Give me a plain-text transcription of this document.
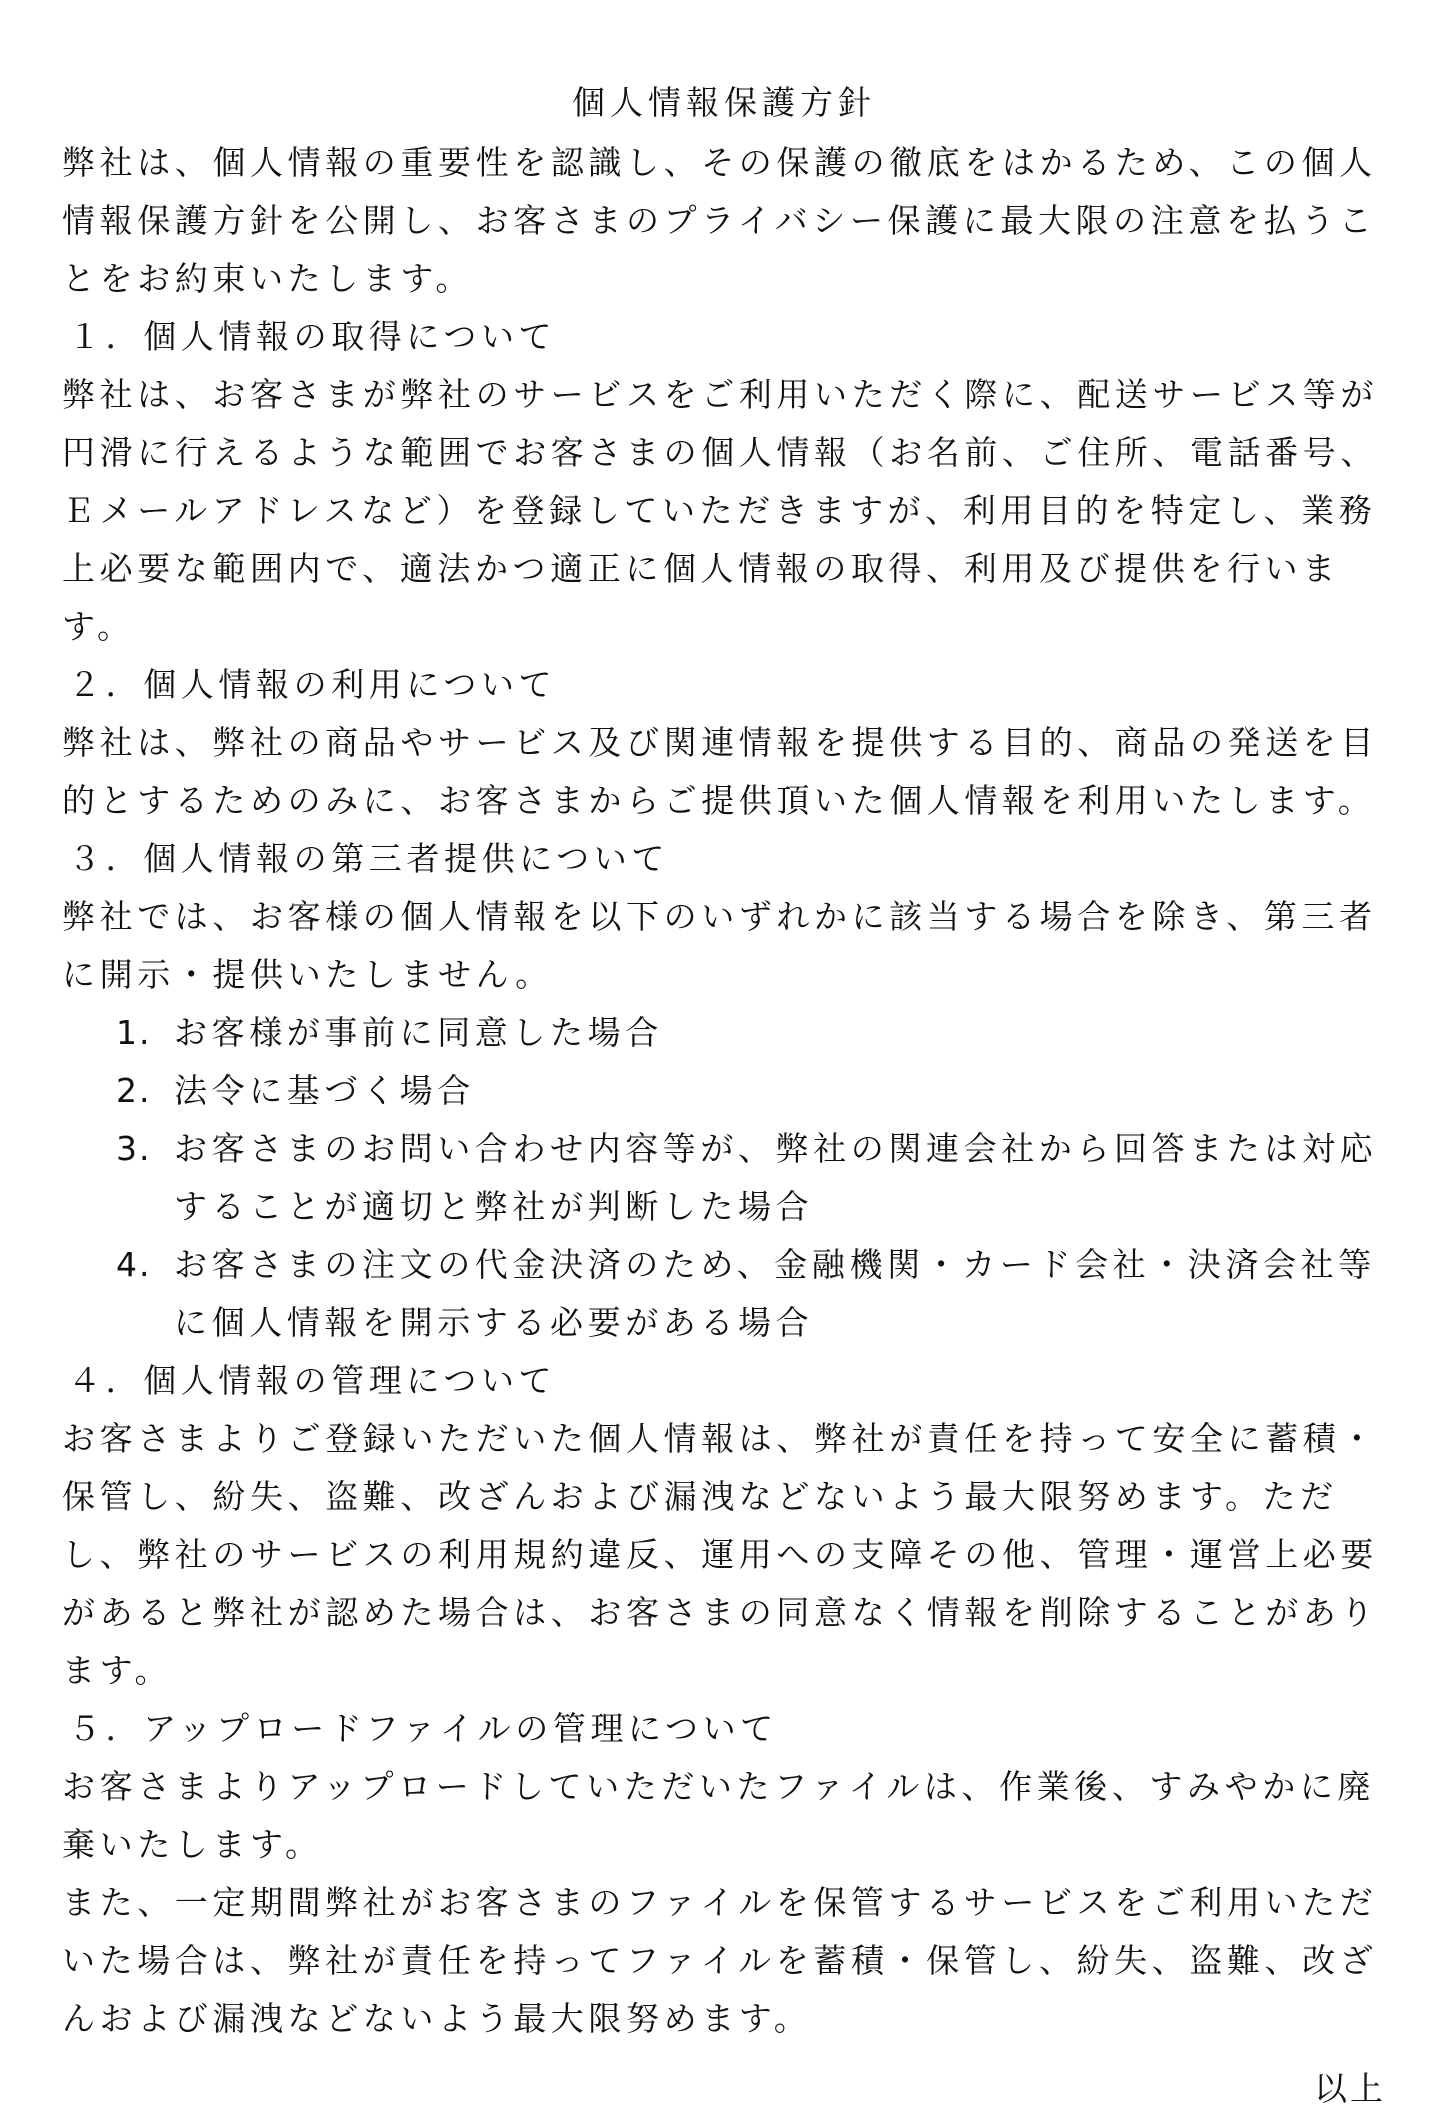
個人情報保護方針

弊社は、個人情報の重要性を認識し、その保護の徹底をはかるため、この個人情報保護方針を公開し、お客さまのプライバシー保護に最大限の注意を払うことをお約束いたします。

１．個人情報の取得について

弊社は、お客さまが弊社のサービスをご利用いただく際に、配送サービス等が円滑に行えるような範囲でお客さまの個人情報（お名前、ご住所、電話番号、Ｅメールアドレスなど）を登録していただきますが、利用目的を特定し、業務上必要な範囲内で、適法かつ適正に個人情報の取得、利用及び提供を行います。

２．個人情報の利用について

弊社は、弊社の商品やサービス及び関連情報を提供する目的、商品の発送を目的とするためのみに、お客さまからご提供頂いた個人情報を利用いたします。

３．個人情報の第三者提供について

弊社では、お客様の個人情報を以下のいずれかに該当する場合を除き、第三者に開示・提供いたしません。

1. お客様が事前に同意した場合
2. 法令に基づく場合
3. お客さまのお問い合わせ内容等が、弊社の関連会社から回答または対応することが適切と弊社が判断した場合
4. お客さまの注文の代金決済のため、金融機関・カード会社・決済会社等に個人情報を開示する必要がある場合

４．個人情報の管理について

お客さまよりご登録いただいた個人情報は、弊社が責任を持って安全に蓄積・保管し、紛失、盗難、改ざんおよび漏洩などないよう最大限努めます。ただし、弊社のサービスの利用規約違反、運用への支障その他、管理・運営上必要があると弊社が認めた場合は、お客さまの同意なく情報を削除することがあります。

５．アップロードファイルの管理について

お客さまよりアップロードしていただいたファイルは、作業後、すみやかに廃棄いたします。

また、一定期間弊社がお客さまのファイルを保管するサービスをご利用いただいた場合は、弊社が責任を持ってファイルを蓄積・保管し、紛失、盗難、改ざんおよび漏洩などないよう最大限努めます。

以上
